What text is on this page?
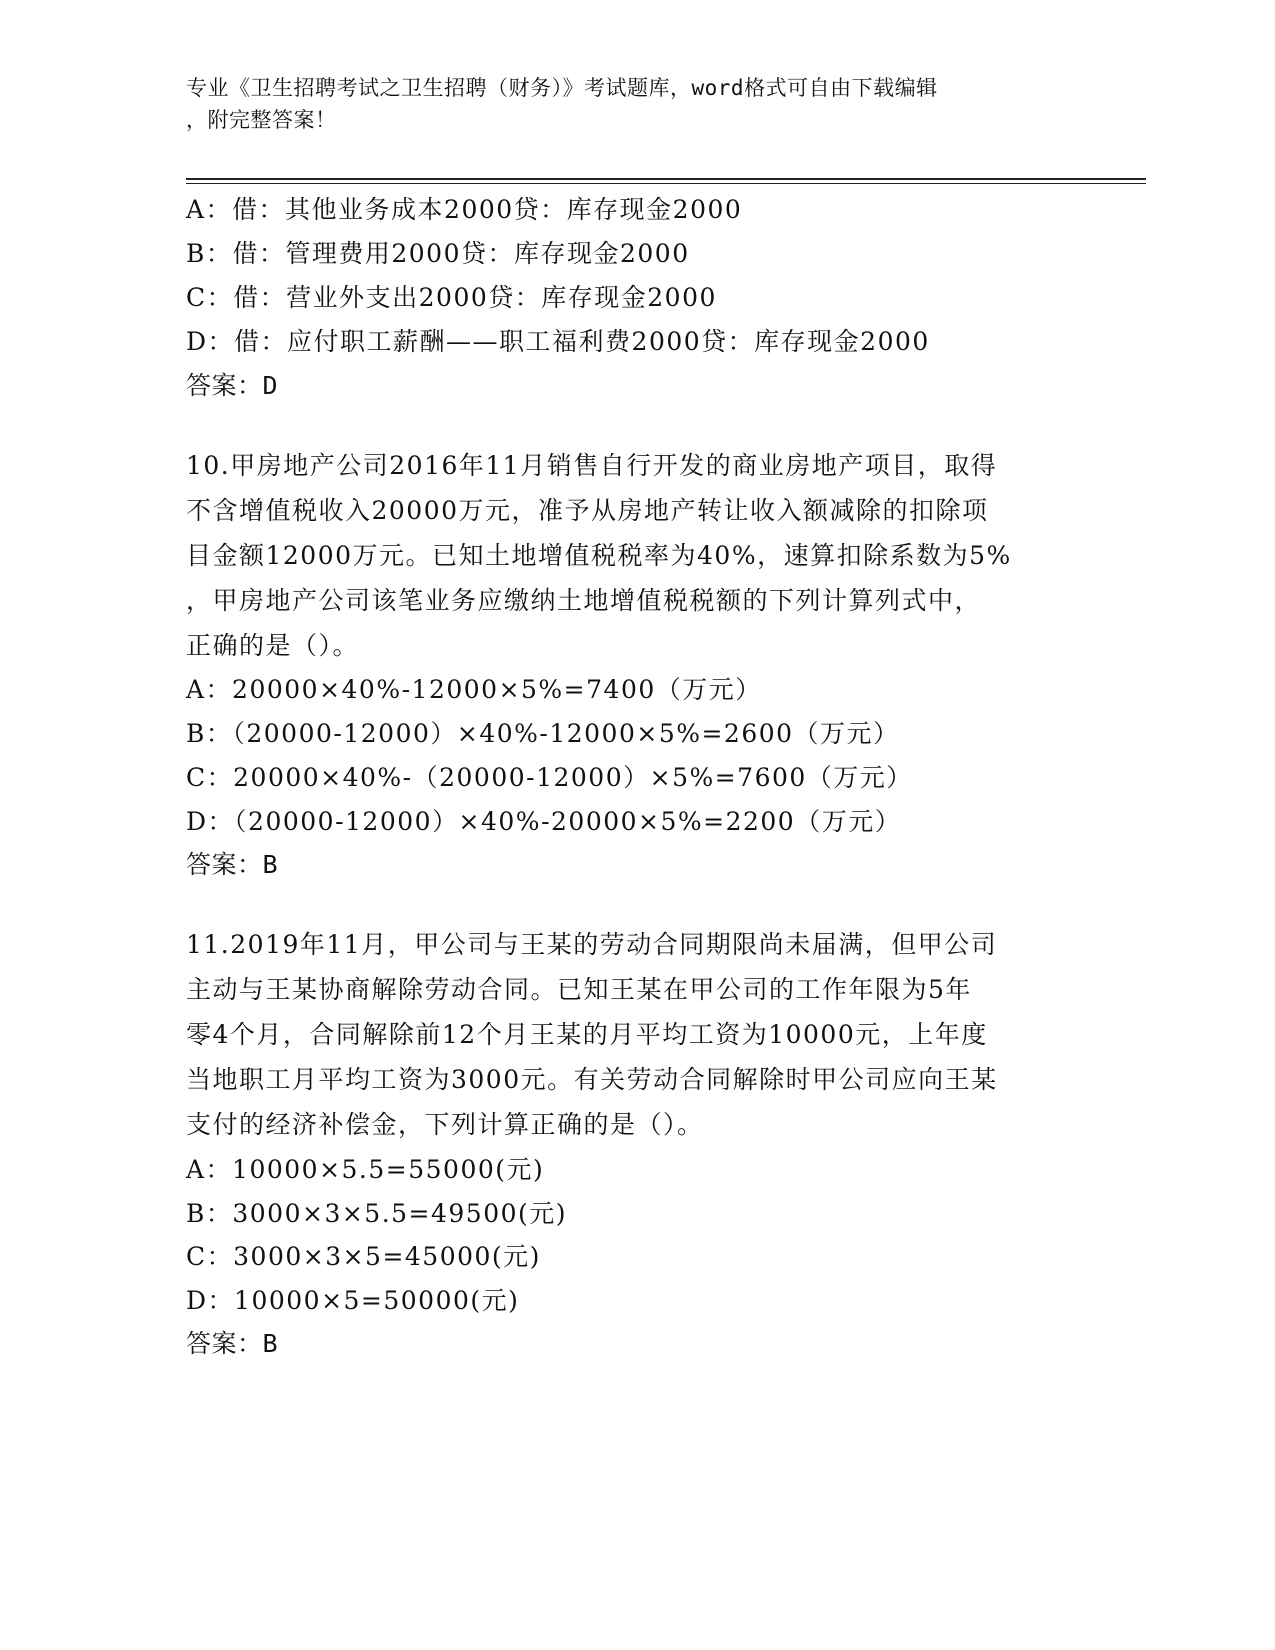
专业《卫生招聘考试之卫生招聘（财务）》考试题库，word格式可自由下载编辑
，附完整答案！
A：借：其他业务成本2000贷：库存现金2000
B：借：管理费用2000贷：库存现金2000
C：借：营业外支出2000贷：库存现金2000
D：借：应付职工薪酬——职工福利费2000贷：库存现金2000
答案：D
10.甲房地产公司2016年11月销售自行开发的商业房地产项目，取得
不含增值税收入20000万元，准予从房地产转让收入额减除的扣除项
目金额12000万元。已知土地增值税税率为40%，速算扣除系数为5%
，甲房地产公司该笔业务应缴纳土地增值税税额的下列计算列式中，
正确的是（）。
A：20000×40%-12000×5%=7400（万元）
B：（20000-12000）×40%-12000×5%=2600（万元）
C：20000×40%-（20000-12000）×5%=7600（万元）
D：（20000-12000）×40%-20000×5%=2200（万元）
答案：B
11.2019年11月，甲公司与王某的劳动合同期限尚未届满，但甲公司
主动与王某协商解除劳动合同。已知王某在甲公司的工作年限为5年
零4个月，合同解除前12个月王某的月平均工资为10000元，上年度
当地职工月平均工资为3000元。有关劳动合同解除时甲公司应向王某
支付的经济补偿金，下列计算正确的是（）。
A：10000×5.5=55000(元)
B：3000×3×5.5=49500(元)
C：3000×3×5=45000(元)
D：10000×5=50000(元)
答案：B
